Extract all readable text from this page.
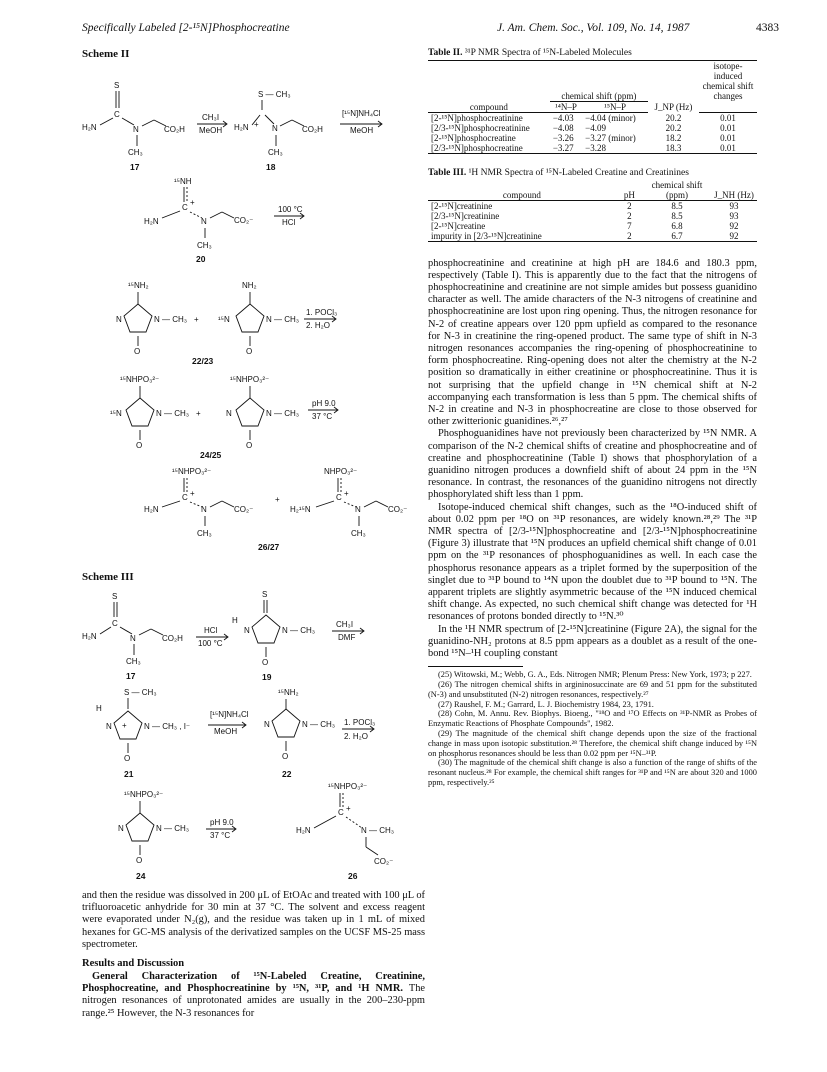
Specifically Labeled [2-¹⁵N]Phosphocreatine	J. Am. Chem. Soc., Vol. 109, No. 14, 1987	4383
Scheme II
S
C
H₂N	N	CO₂H
CH₃
17
CH₃I
MeOH
S — CH₃
H₂N + N	CO₂H
CH₃
18
[¹⁵N]NH₄Cl
MeOH
¹⁵NH
C
+
H₂N	N	CO₂⁻
CH₃
20
100 °C
HCl
¹⁵NH₂
N	N — CH₃
O
+
NH₂
¹⁵N	N — CH₃
O
1. POCl₃
2. H₂O
22/23
¹⁵NHPO₃²⁻
¹⁵N	N — CH₃
O
+
¹⁵NHPO₃²⁻
N	N — CH₃
O
pH 9.0
37 °C
24/25
¹⁵NHPO₃²⁻
C +
H₂N	N	CO₂⁻
CH₃
+
NHPO₃²⁻
C +
H₂¹⁵N	N	CO₂⁻
CH₃
26/27
Scheme III
S
C
H₂N	N	CO₂H
CH₃
17
HCl
100 °C
S
H
N	N — CH₃
O
19
CH₃I
DMF
S — CH₃
H
N + N — CH₃ , I⁻
O
21
[¹⁵N]NH₄Cl
MeOH
¹⁵NH₂
N	N — CH₃
O
22
1. POCl₃
2. H₂O
¹⁵NHPO₃²⁻
N	N — CH₃
O
24
pH 9.0
37 °C
¹⁵NHPO₃²⁻
C +
H₂N	N — CH₃
CO₂⁻
26

and then the residue was dissolved in 200 μL of EtOAc and treated with 100 μL of trifluoroacetic anhydride for 30 min at 37 °C. The solvent and excess reagent were evaporated under N₂(g), and the residue was taken up in 1 mL of mixed hexanes for GC-MS analysis of the derivatized samples on the UCSF MS-25 mass spectrometer.

Results and Discussion

General Characterization of ¹⁵N-Labeled Creatine, Creatinine, Phosphocreatine, and Phosphocreatinine by ¹⁵N, ³¹P, and ¹H NMR. The nitrogen resonances of unprotonated amides are usually in the 200–230-ppm range.²⁵ However, the N-3 resonances for

Table II. ³¹P NMR Spectra of ¹⁵N-Labeled Molecules
				isotope-induced chemical shift changes
	chemical shift (ppm)		J_NP (Hz)	
compound	¹⁴N–P	¹⁵N–P		
[2-¹⁵N]phosphocreatinine	−4.03	−4.04 (minor)	20.2	0.01
[2/3-¹⁵N]phosphocreatinine	−4.08	−4.09	20.2	0.01
[2-¹⁵N]phosphocreatine	−3.26	−3.27 (minor)	18.2	0.01
[2/3-¹⁵N]phosphocreatine	−3.27	−3.28	18.3	0.01
Table III. ¹H NMR Spectra of ¹⁵N-Labeled Creatine and Creatinines
compound	pH	chemical shift (ppm)	J_NH (Hz)
[2-¹⁵N]creatinine	2	8.5	93
[2/3-¹⁵N]creatinine	2	8.5	93
[2-¹⁵N]creatine	7	6.8	92
impurity in [2/3-¹⁵N]creatinine	2	6.7	92

phosphocreatinine and creatinine at high pH are 184.6 and 180.3 ppm, respectively (Table I). This is apparently due to the fact that the nitrogens of phosphocreatinine and creatinine are not simple amides but possess guanidino character as well. The amide characters of the N-3 nitrogens of creatinine and phosphocreatinine are lost upon ring opening. Thus, the nitrogen resonance for N-2 of creatine appears over 120 ppm upfield as compared to the resonance for N-3 in creatinine the ring-opened product. The same type of shift in N-3 nitrogen resonances accompanies the ring-opening of phosphocreatinine to form phosphocreatine. Ring-opening does not alter the chemistry at the N-2 position so dramatically in either creatinine or phosphocreatinine. Thus it is not surprising that the upfield change in ¹⁵N chemical shift at N-2 accompanying each transformation is less than 5 ppm. The chemical shifts of N-2 in creatine and N-3 in phosphocreatine are close to those observed for other zwitterionic guanidines.²⁶,²⁷

Phosphoguanidines have not previously been characterized by ¹⁵N NMR. A comparison of the N-2 chemical shifts of creatine and phosphocreatine and of creatine and phosphocreatinine (Table I) shows that phosphorylation of a guanidino nitrogen produces a downfield shift of about 24 ppm in the ¹⁵N resonance. In contrast, the resonances of the guanidino nitrogens not directly phosphorylated shift less than 1 ppm.

Isotope-induced chemical shift changes, such as the ¹⁸O-induced shift of about 0.02 ppm per ¹⁸O on ³¹P resonances, are widely known.²⁸,²⁹ The ³¹P NMR spectra of [2/3-¹⁵N]phosphocreatine and [2/3-¹⁵N]phosphocreatinine (Figure 3) illustrate that ¹⁵N produces an upfield chemical shift change of 0.01 ppm on the ³¹P resonances of phosphoguanidines as well. In each case the phosphorus resonance appears as a triplet formed by the superposition of the singlet due to ³¹P bound to ¹⁴N upon the doublet due to ³¹P bound to ¹⁵N. The apparent triplets are slightly asymmetric because of the ¹⁵N induced chemical shift change. As expected, no such chemical shift change was detected for ¹H resonances of protons bonded directly to ¹⁵N.³⁰

In the ¹H NMR spectrum of [2-¹⁵N]creatinine (Figure 2A), the signal for the guanidino-NH₂ protons at 8.5 ppm appears as a doublet as a result of the one-bond ¹⁵N–¹H coupling constant

(25) Witowski, M.; Webb, G. A., Eds. Nitrogen NMR; Plenum Press: New York, 1973; p 227.

(26) The nitrogen chemical shifts in argininosuccinate are 69 and 51 ppm for the substituted (N-3) and unsubstituted (N-2) nitrogen resonances, respectively.²⁷

(27) Raushel, F. M.; Garrard, L. J. Biochemistry 1984, 23, 1791.

(28) Cohn, M. Annu. Rev. Biophys. Bioeng., "¹⁸O and ¹⁷O Effects on ³¹P-NMR as Probes of Enzymatic Reactions of Phosphate Compounds", 1982.

(29) The magnitude of the chemical shift change depends upon the size of the fractional change in mass upon isotopic substitution.²⁸ Therefore, the chemical shift change induced by ¹⁵N on phosphorus resonances should be less than 0.02 ppm per ¹⁵N–³¹P.

(30) The magnitude of the chemical shift change is also a function of the range of shifts of the resonant nucleus.²⁸ For example, the chemical shift ranges for ³¹P and ¹⁵N are about 320 and 1000 ppm, respectively.²⁵
